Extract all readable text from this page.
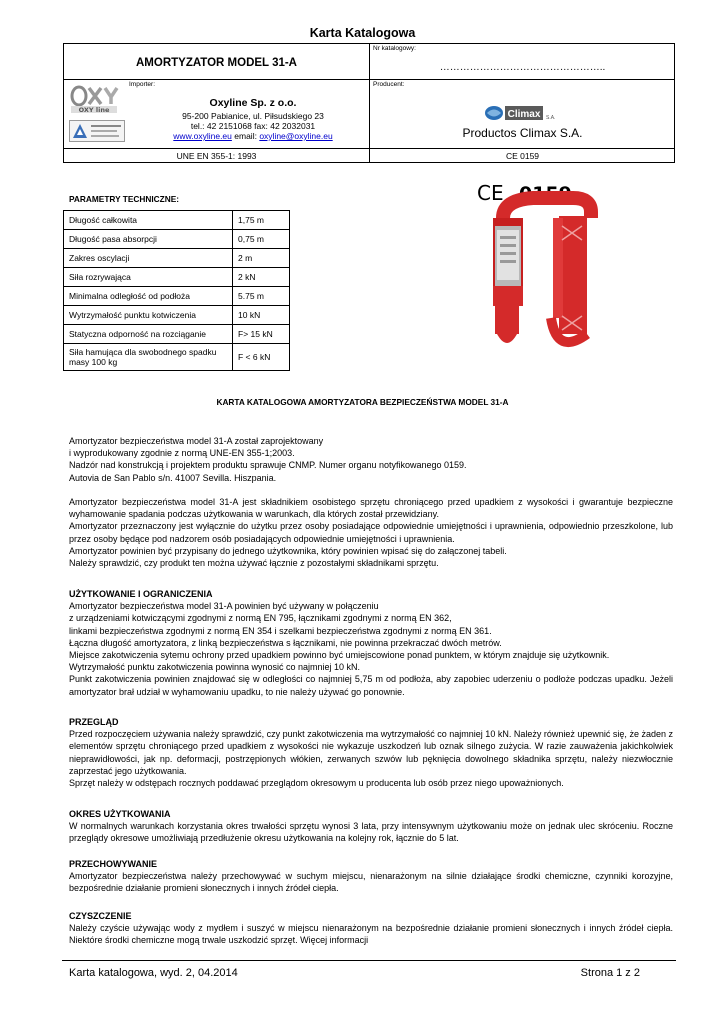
Karta Katalogowa
AMORTYZATOR MODEL 31-A
Nr katalogowy:
…………………………………………..
Importer:	Producent:
OXY line
Oxyline Sp. z o.o.
95-200 Pabianice, ul. Piłsudskiego 23
tel.: 42 2151068 fax: 42 2032031
www.oxyline.eu email: oxyline@oxyline.eu
Climax S.A.
Productos Climax S.A.
UNE EN 355-1: 1993	CE 0159
PARAMETRY TECHNICZNE:
Długość całkowita	1,75 m
Długość pasa absorpcji	0,75 m
Zakres oscylacji	2 m
Siła rozrywająca	2 kN
Minimalna odległość od podłoża	5.75 m
Wytrzymałość punktu kotwiczenia	10 kN
Statyczna odporność na rozciąganie	F> 15 kN
Siła hamująca dla swobodnego spadku masy 100 kg	F < 6 kN
CE 0159
KARTA KATALOGOWA AMORTYZATORA BEZPIECZEŃSTWA MODEL 31-A

Amortyzator bezpieczeństwa model 31-A został zaprojektowany

i wyprodukowany zgodnie z normą UNE-EN 355-1;2003.

Nadzór nad konstrukcją i projektem produktu sprawuje CNMP. Numer organu notyfikowanego 0159.

Autovia de San Pablo s/n. 41007 Sevilla. Hiszpania.

Amortyzator bezpieczeństwa model 31-A jest składnikiem osobistego sprzętu chroniącego przed upadkiem z wysokości i gwarantuje bezpieczne wyhamowanie spadania podczas użytkowania w warunkach, dla których został przewidziany.

Amortyzator przeznaczony jest wyłącznie do użytku przez osoby posiadające odpowiednie umiejętności i uprawnienia, odpowiednio przeszkolone, lub przez osoby będące pod nadzorem osób posiadających odpowiednie umiejętności i uprawnienia.

Amortyzator powinien być przypisany do jednego użytkownika, który powinien wpisać się do załączonej tabeli.

Należy sprawdzić, czy produkt ten można używać łącznie z pozostałymi składnikami sprzętu.

UŻYTKOWANIE I OGRANICZENIA

Amortyzator bezpieczeństwa model 31-A powinien być używany w połączeniu

z urządzeniami kotwiczącymi zgodnymi z normą EN 795, łącznikami zgodnymi z normą EN 362,

linkami bezpieczeństwa zgodnymi z normą EN 354 i szelkami bezpieczeństwa zgodnymi z normą EN 361.

Łączna długość amortyzatora, z linką bezpieczeństwa s łącznikami, nie powinna przekraczać dwóch metrów.

Miejsce zakotwiczenia sytemu ochrony przed upadkiem powinno być umiejscowione ponad punktem, w którym znajduje się użytkownik.

Wytrzymałość punktu zakotwiczenia powinna wynosić co najmniej 10 kN.

Punkt zakotwiczenia powinien znajdować się w odległości co najmniej 5,75 m od podłoża, aby zapobiec uderzeniu o podłoże podczas upadku. Jeżeli amortyzator brał udział w wyhamowaniu upadku, to nie należy używać go ponownie.

PRZEGLĄD

Przed rozpoczęciem używania należy sprawdzić, czy punkt zakotwiczenia ma wytrzymałość co najmniej 10 kN. Należy również upewnić się, że żaden z elementów sprzętu chroniącego przed upadkiem z wysokości nie wykazuje uszkodzeń lub oznak silnego zużycia. W razie zauważenia jakichkolwiek nieprawidłowości, jak np. deformacji, postrzępionych włókien, zerwanych szwów lub pęknięcia dowolnego składnika sprzętu, należy niezwłocznie zaprzestać jego użytkowania.

Sprzęt należy w odstępach rocznych poddawać przeglądom okresowym u producenta lub osób przez niego upoważnionych.

OKRES UŻYTKOWANIA

W normalnych warunkach korzystania okres trwałości sprzętu wynosi 3 lata, przy intensywnym użytkowaniu może on jednak ulec skróceniu. Roczne przeglądy okresowe umożliwiają przedłużenie okresu użytkowania na kolejny rok, łącznie do 5 lat.

PRZECHOWYWANIE

Amortyzator bezpieczeństwa należy przechowywać w suchym miejscu, nienarażonym na silnie działające środki chemiczne, czynniki korozyjne, bezpośrednie działanie promieni słonecznych i innych źródeł ciepła.

CZYSZCZENIE

Należy czyście używając wody z mydłem i suszyć w miejscu nienarażonym na bezpośrednie działanie promieni słonecznych i innych źródeł ciepła. Niektóre środki chemiczne mogą trwale uszkodzić sprzęt. Więcej informacji

Karta katalogowa, wyd. 2, 04.2014	Strona 1 z 2
